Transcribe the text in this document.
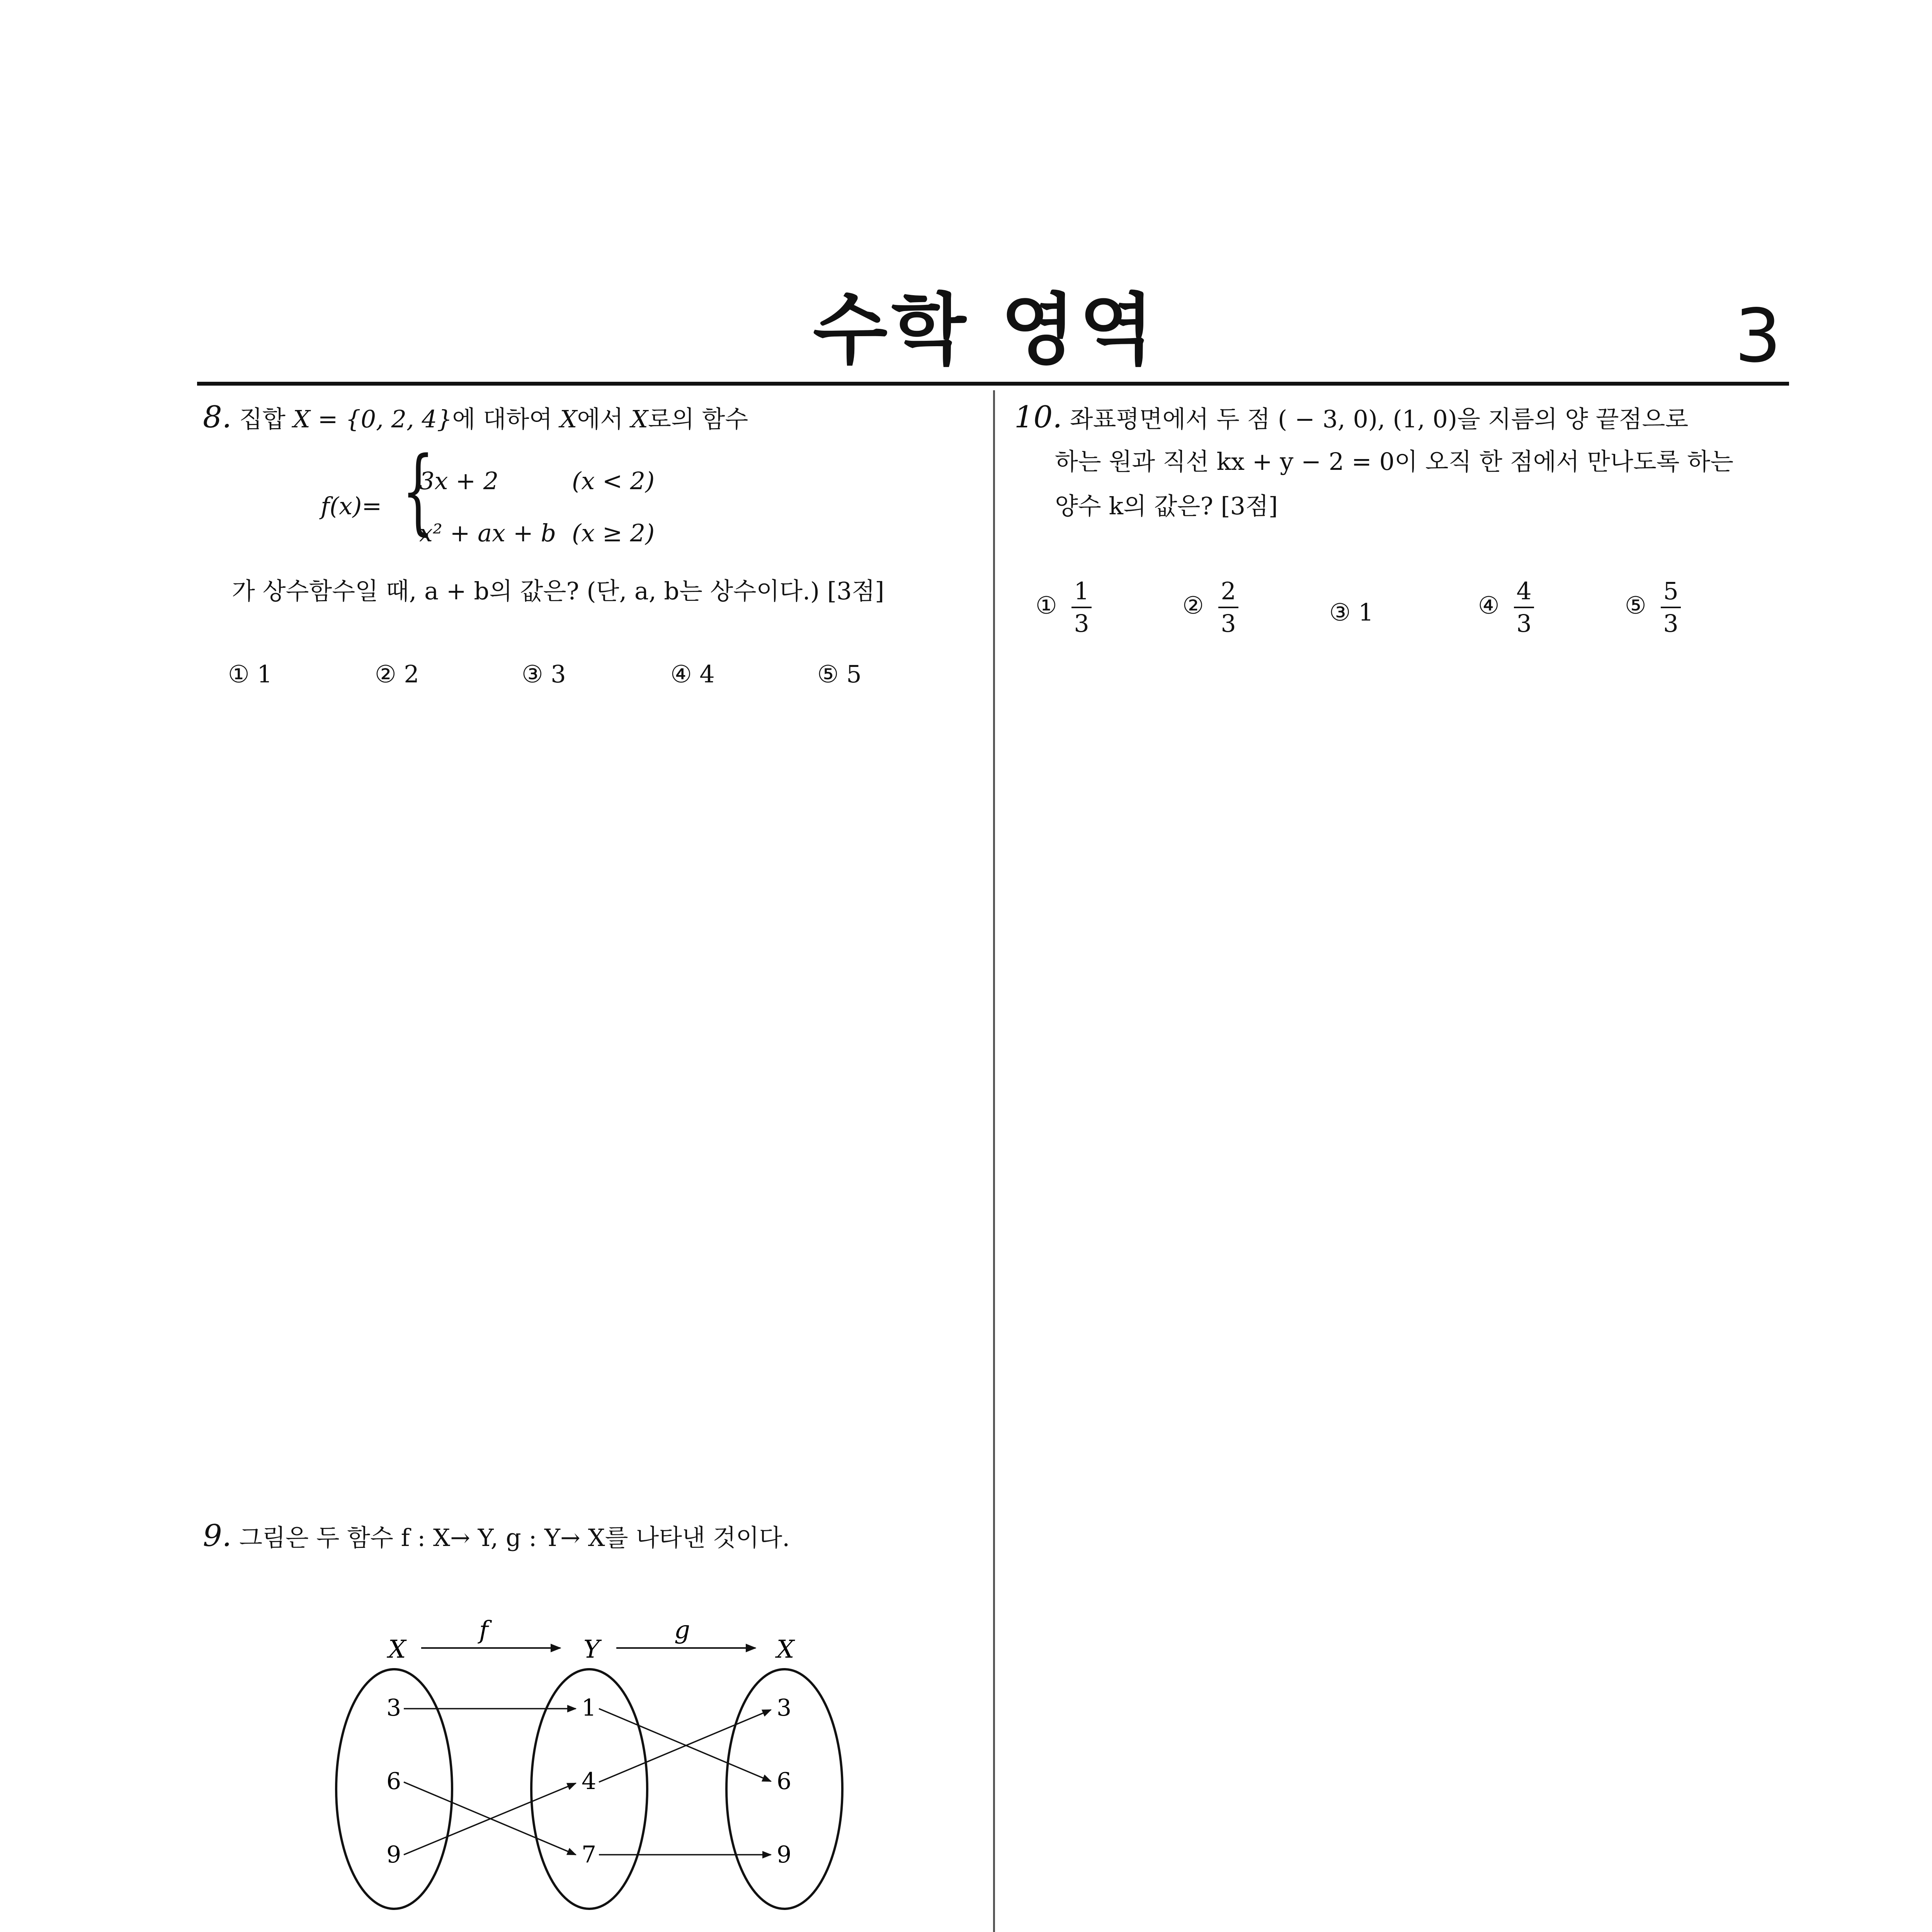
수학 영역	3
8. 집합 X = {0, 2, 4}에 대하여 X에서 X로의 함수
f(x)= {
3x + 2	(x < 2)
x² + ax + b (x ≥ 2)
가 상수함수일 때, a + b의 값은? (단, a, b는 상수이다.) [3점]
① 1	② 2	③ 3	④ 4	⑤ 5
9. 그림은 두 함수 f : X→ Y, g : Y→ X를 나타낸 것이다.
X	Y	X
f	g
3
6
9
1
4
7
3
6
9
10. 좌표평면에서 두 점 ( − 3, 0), (1, 0)을 지름의 양 끝점으로
하는 원과 직선 kx + y − 2 = 0이 오직 한 점에서 만나도록 하는
양수 k의 값은? [3점]
① $\frac{1}{3}$	② $\frac{2}{3}$	③ 1	④ $\frac{4}{3}$	⑤ $\frac{5}{3}$
